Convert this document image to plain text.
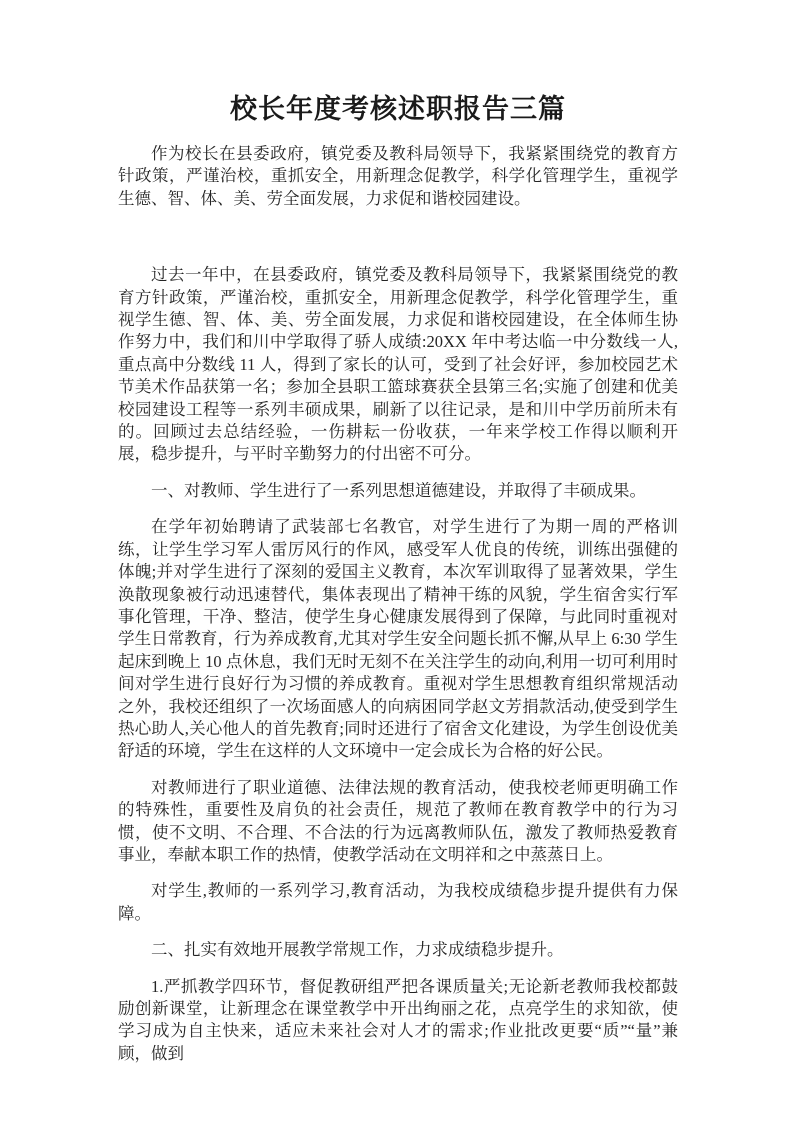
校长年度考核述职报告三篇

作为校长在县委政府，镇党委及教科局领导下，我紧紧围绕党的教育方针政策，严谨治校，重抓安全，用新理念促教学，科学化管理学生，重视学生德、智、体、美、劳全面发展，力求促和谐校园建设。

过去一年中，在县委政府，镇党委及教科局领导下，我紧紧围绕党的教育方针政策，严谨治校，重抓安全，用新理念促教学，科学化管理学生，重视学生德、智、体、美、劳全面发展，力求促和谐校园建设，在全体师生协作努力中，我们和川中学取得了骄人成绩:20XX 年中考达临一中分数线一人,重点高中分数线 11 人，得到了家长的认可，受到了社会好评，参加校园艺术节美术作品获第一名；参加全县职工篮球赛获全县第三名;实施了创建和优美校园建设工程等一系列丰硕成果，刷新了以往记录，是和川中学历前所未有的。回顾过去总结经验，一伤耕耘一份收获，一年来学校工作得以顺利开展，稳步提升，与平时辛勤努力的付出密不可分。

一、对教师、学生进行了一系列思想道德建设，并取得了丰硕成果。

在学年初始聘请了武装部七名教官，对学生进行了为期一周的严格训练，让学生学习军人雷厉风行的作风，感受军人优良的传统，训练出强健的体魄;并对学生进行了深刻的爱国主义教育，本次军训取得了显著效果，学生涣散现象被行动迅速替代，集体表现出了精神干练的风貌，学生宿舍实行军事化管理，干净、整洁，使学生身心健康发展得到了保障，与此同时重视对学生日常教育，行为养成教育,尤其对学生安全问题长抓不懈,从早上 6:30 学生起床到晚上 10 点休息，我们无时无刻不在关注学生的动向,利用一切可利用时间对学生进行良好行为习惯的养成教育。重视对学生思想教育组织常规活动之外，我校还组织了一次场面感人的向病困同学赵文芳捐款活动,使受到学生热心助人,关心他人的首先教育;同时还进行了宿舍文化建设，为学生创设优美舒适的环境，学生在这样的人文环境中一定会成长为合格的好公民。

对教师进行了职业道德、法律法规的教育活动，使我校老师更明确工作的特殊性，重要性及肩负的社会责任，规范了教师在教育教学中的行为习惯，使不文明、不合理、不合法的行为远离教师队伍，激发了教师热爱教育事业，奉献本职工作的热情，使教学活动在文明祥和之中蒸蒸日上。

对学生,教师的一系列学习,教育活动，为我校成绩稳步提升提供有力保障。

二、扎实有效地开展教学常规工作，力求成绩稳步提升。

1.严抓教学四环节，督促教研组严把各课质量关;无论新老教师我校都鼓励创新课堂，让新理念在课堂教学中开出绚丽之花，点亮学生的求知欲，使学习成为自主快来，适应未来社会对人才的需求;作业批改更要“质”“量”兼顾，做到
